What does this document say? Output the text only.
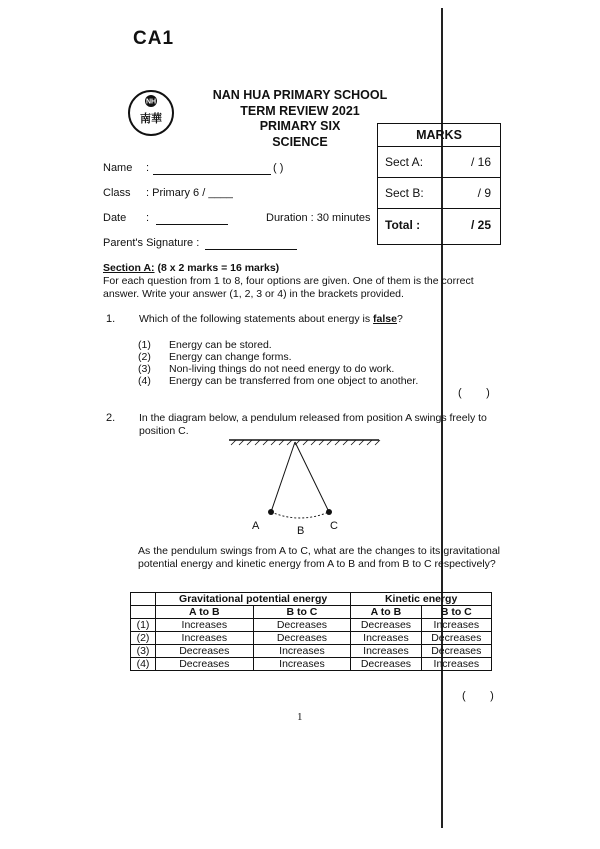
CA1
NH
南華
NAN HUA PRIMARY SCHOOL
TERM REVIEW 2021
PRIMARY SIX
SCIENCE	MARKS
Sect A:	/ 16
Sect B:	/ 9
Total :	/ 25
Name :	( )
Class : Primary 6 / ____
Date :	Duration : 30 minutes
Parent's Signature :
Section A: (8 x 2 marks = 16 marks)
For each question from 1 to 8, four options are given. One of them is the correct answer. Write your answer (1, 2, 3 or 4) in the brackets provided.
1. Which of the following statements about energy is false?
(1) Energy can be stored.
(2) Energy can change forms.
(3) Non-living things do not need energy to do work.
(4) Energy can be transferred from one object to another.
(        )
2. In the diagram below, a pendulum released from position A swings freely to position C.
A	B C
As the pendulum swings from A to C, what are the changes to its gravitational potential energy and kinetic energy from A to B and from B to C respectively?
	Gravitational potential energy		Kinetic energy	
	A to B	B to C	A to B	B to C
(1)	Increases	Decreases	Decreases	Increases
(2)	Increases	Decreases	Increases	Decreases
(3)	Decreases	Increases	Increases	Decreases
(4)	Decreases	Increases	Decreases	Increases
(        )
1
